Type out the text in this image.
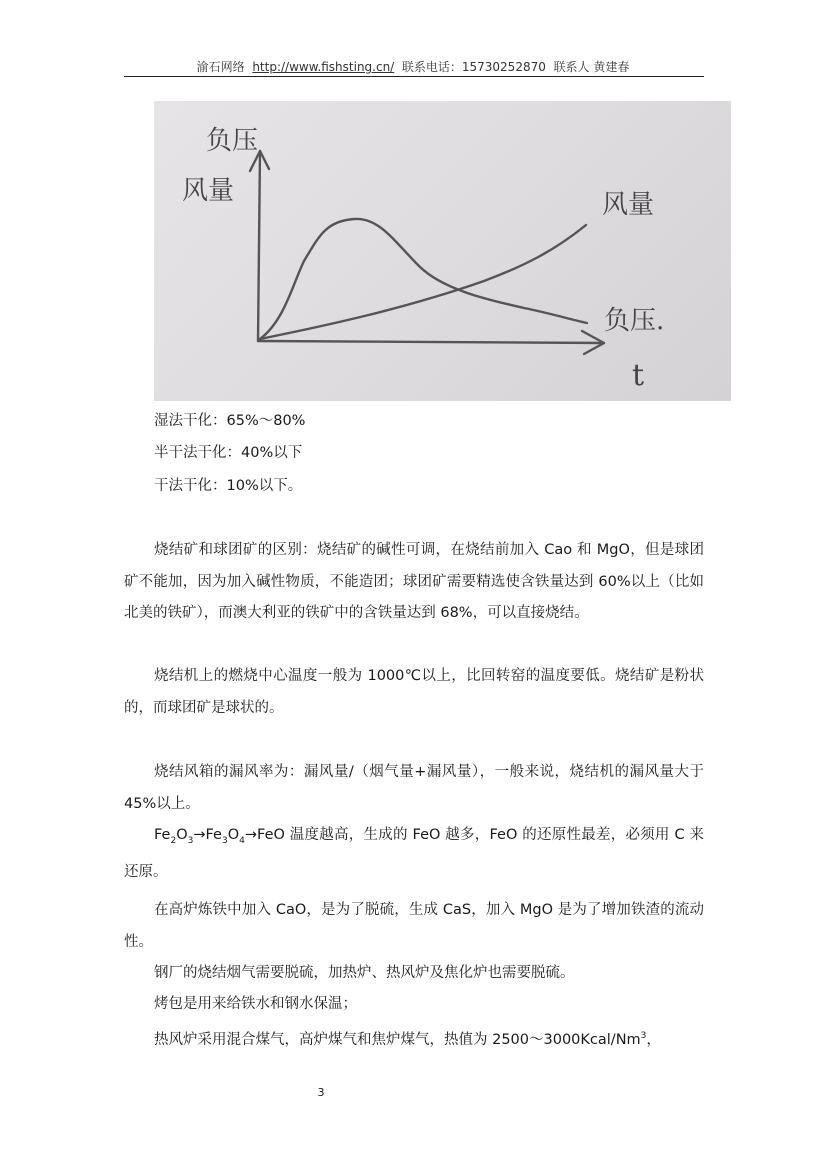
渝石网络 http://www.fishsting.cn/ 联系电话：15730252870 联系人 黄建春
负压
风量	风量
负压.
t
湿法干化：65%～80%
半干法干化：40%以下
干法干化：10%以下。
烧结矿和球团矿的区别：烧结矿的碱性可调，在烧结前加入 Cao 和 MgO，但是球团矿不能加，因为加入碱性物质，不能造团；球团矿需要精选使含铁量达到 60%以上（比如北美的铁矿），而澳大利亚的铁矿中的含铁量达到 68%，可以直接烧结。
烧结机上的燃烧中心温度一般为 1000℃以上，比回转窑的温度要低。烧结矿是粉状的，而球团矿是球状的。
烧结风箱的漏风率为：漏风量/（烟气量+漏风量），一般来说，烧结机的漏风量大于 45%以上。
$Fe_2O_3\to Fe_3O_4\to FeO$ 温度越高，生成的 FeO 越多，FeO 的还原性最差，必须用 C 来还原。
在高炉炼铁中加入 CaO，是为了脱硫，生成 CaS，加入 MgO 是为了增加铁渣的流动性。
钢厂的烧结烟气需要脱硫，加热炉、热风炉及焦化炉也需要脱硫。
烤包是用来给铁水和钢水保温；
热风炉采用混合煤气，高炉煤气和焦炉煤气，热值为 2500～3000Kcal/Nm$^3$，
3
